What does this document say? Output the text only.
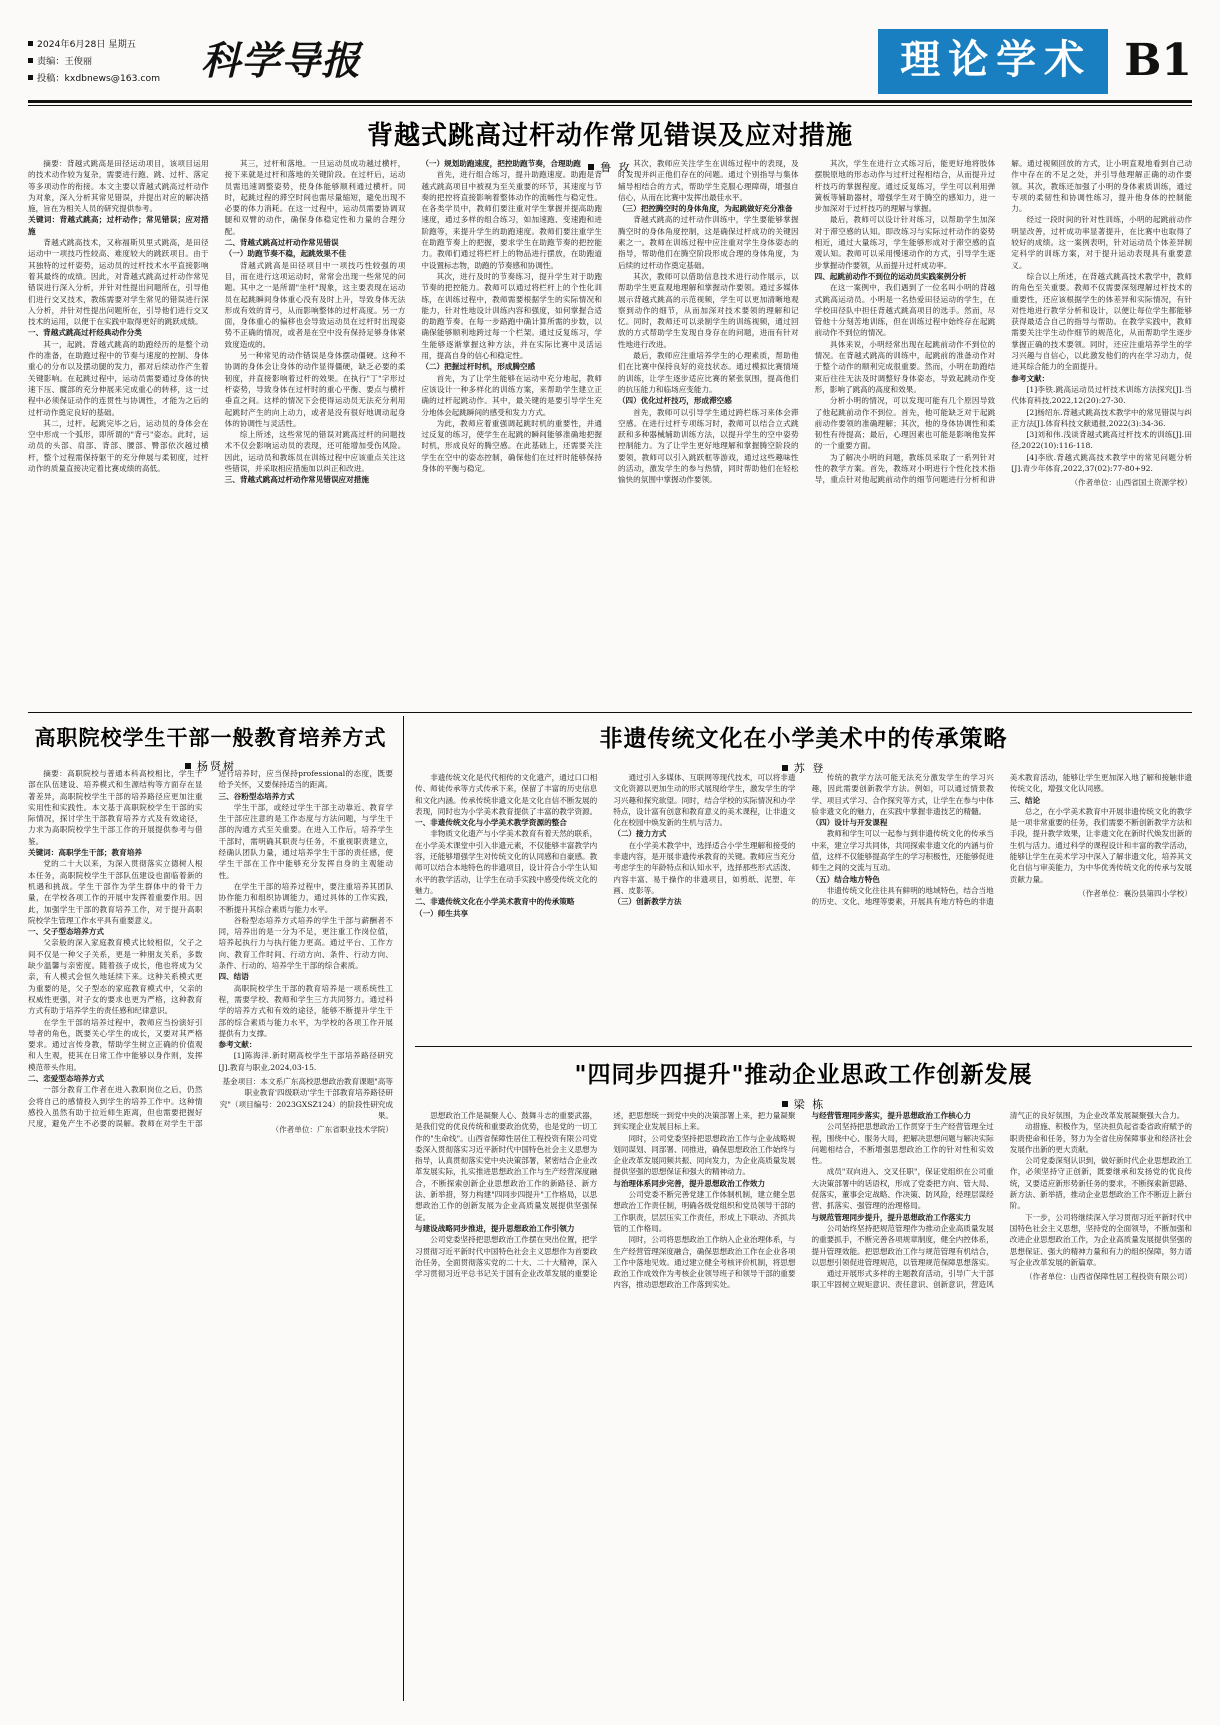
2024年6月28日 星期五
责编：王俊丽
投稿：kxdbnews@163.com	科学导报	理论学术 B1
背越式跳高过杆动作常见错误及应对措施
鲁 玫

摘要：背越式跳高是田径运动项目，该项目运用的技术动作较为复杂，需要进行跑、跳、过杆、落定等多项动作的衔接。本文主要以背越式跳高过杆动作为对象，深入分析其常见错误，并提出对应的解决措施，旨在为相关人员的研究提供参考。

关键词：背越式跳高；过杆动作；常见错误；应对措施

背越式跳高技术，又称福斯贝里式跳高，是田径运动中一项技巧性较高、难度较大的跳跃项目。由于其独特的过杆姿势，运动员的过杆技术水平直接影响着其最终的成绩。因此，对背越式跳高过杆动作常见错误进行深入分析，并针对性提出问题所在，引导他们进行交叉技术，教练需要对学生常见的错误进行深入分析，并针对性提出问题所在，引导他们进行交叉技术的运用，以便于在实践中取得更好的跳跃成绩。

一、背越式跳高过杆经典动作分类

其一，起跳。背越式跳高的助跑经历的是整个动作的准备，在助跑过程中的节奏与速度的控制、身体重心的分布以及摆动腿的发力，都对后续动作产生着关键影响。在起跳过程中，运动员需要通过身体的快速下压、髋部的充分伸展来完成重心的转移，这一过程中必须保证动作的连贯性与协调性，才能为之后的过杆动作奠定良好的基础。

其二，过杆。起跳完毕之后，运动员的身体会在空中形成一个弧形，即所谓的"背弓"姿态。此时，运动员的头部、肩部、背部、腰部、臀部依次越过横杆，整个过程需保持躯干的充分伸展与柔韧度，过杆动作的质量直接决定着比赛成绩的高低。

其三，过杆和落地。一旦运动员成功越过横杆，接下来就是过杆和落地的关键阶段。在过杆后，运动员需迅速调整姿势，使身体能够顺利通过横杆。同时，起跳过程的滞空时间也需尽量缩短，避免出现不必要的体力消耗。在这一过程中，运动员需要协调双腿和双臂的动作，确保身体稳定性和力量的合理分配。

二、背越式跳高过杆动作常见错误

（一）助跑节奏不稳，起跳效果不佳

背越式跳高是田径项目中一项技巧性较强的项目，而在进行这项运动时，常常会出现一些常见的问题。其中之一是所谓"坐杆"现象，这主要表现在运动员在起跳瞬间身体重心没有及时上升，导致身体无法形成有效的背弓，从而影响整体的过杆高度。另一方面，身体重心的偏移也会导致运动员在过杆时出现姿势不正确的情况，或者是在空中没有保持足够身体紧致度造成的。

另一种常见的动作错误是身体摆动僵硬。这种不协调的身体会让身体的动作显得僵硬，缺乏必要的柔韧度，并直接影响着过杆的效果。在执行"丁"字形过杆姿势，导致身体在过杆时的重心平衡、要点与横杆垂直之间。这样的情况下会使得运动员无法充分利用起跳时产生的向上动力，或者是没有很好地调动起身体的协调性与灵活性。

综上所述，这些常见的错误对跳高过杆的问题技术不仅会影响运动员的表现，还可能增加受伤风险。因此，运动员和教练员在训练过程中应该重点关注这些错误，并采取相应措施加以纠正和改进。

三、背越式跳高过杆动作常见错误应对措施

（一）规划助跑速度，把控助跑节奏，合理助跑

首先，进行组合练习，提升助跑速度。助跑是背越式跳高项目中被视为至关重要的环节，其速度与节奏的把控将直接影响着整体动作的流畅性与稳定性。在各类学员中，教师们要注重对学生掌握并提高助跑速度，通过多样的组合练习，如加速跑、变速跑和进阶跑等，来提升学生的助跑速度。教师们要注重学生在助跑节奏上的把握，要求学生在助跑节奏的把控能力。教师们通过将栏杆上的物品进行摆放，在助跑道中设置标志物，助跑的节奏感和协调性。

其次，进行及时的节奏练习，提升学生对于助跑节奏的把控能力。教师可以通过将栏杆上的个性化训练，在训练过程中，教师需要根据学生的实际情况和能力，针对性地设计训练内容和强度，如何掌握合适的助跑节奏。在每一步路跑中确计算所需的步数，以确保能够顺利地跨过每一个栏架。通过反复练习，学生能够逐渐掌握这种方法，并在实际比赛中灵活运用，提高自身的信心和稳定性。

（二）把握过杆时机，形成腾空感

首先，为了让学生能够在运动中充分地起，教师应该设计一种多样化的训练方案，来帮助学生建立正确的过杆起跳动作。其中，最关键的是要引导学生充分地体会起跳瞬间的感受和发力方式。

为此，教师应着重强调起跳时机的重要性，并通过反复的练习，使学生在起跳的瞬间能够准确地把握时机，形成良好的腾空感。在此基础上，还需要关注学生在空中的姿态控制，确保他们在过杆时能够保持身体的平衡与稳定。

其次，教师应关注学生在训练过程中的表现，及时发现并纠正他们存在的问题。通过个别指导与集体辅导相结合的方式，帮助学生克服心理障碍，增强自信心，从而在比赛中发挥出最佳水平。

（三）把控腾空时的身体角度，为起跳做好充分准备

背越式跳高的过杆动作训练中，学生要能够掌握腾空时的身体角度控制，这是确保过杆成功的关键因素之一。教师在训练过程中应注重对学生身体姿态的指导，帮助他们在腾空阶段形成合理的身体角度，为后续的过杆动作奠定基础。

其次，教师可以借助信息技术进行动作展示，以帮助学生更直观地理解和掌握动作要领。通过多媒体展示背越式跳高的示范视频，学生可以更加清晰地观察到动作的细节，从而加深对技术要领的理解和记忆。同时，教师还可以录制学生的训练视频，通过回放的方式帮助学生发现自身存在的问题，进而有针对性地进行改进。

最后，教师应注重培养学生的心理素质，帮助他们在比赛中保持良好的竞技状态。通过模拟比赛情境的训练，让学生逐步适应比赛的紧张氛围，提高他们的抗压能力和临场应变能力。

（四）优化过杆技巧，形成滞空感

首先，教师可以引导学生通过跨栏练习来体会滞空感。在进行过杆专项练习时，教师可以结合立式跳跃和多种器械辅助训练方法，以提升学生的空中姿势控制能力。为了让学生更好地理解和掌握腾空阶段的要领，教师可以引入跳跃框等游戏，通过这些趣味性的活动，激发学生的参与热情，同时帮助他们在轻松愉快的氛围中掌握动作要领。

其次，学生在进行立式练习后，能更好地将肢体摆脱原地的形态动作与过杆过程相结合，从而提升过杆技巧的掌握程度。通过反复练习，学生可以利用弹簧板等辅助器材，增强学生对于腾空的感知力，进一步加深对于过杆技巧的理解与掌握。

最后，教师可以设计针对练习，以帮助学生加深对于滞空感的认知。即改练习与实际过杆动作的姿势相近，通过大量练习，学生能够形成对于滞空感的直观认知。教师可以采用慢速动作的方式，引导学生逐步掌握动作要领，从而提升过杆成功率。

四、起跳前动作不到位的运动员实践案例分析

在这一案例中，我们遇到了一位名叫小明的背越式跳高运动员。小明是一名热爱田径运动的学生，在学校田径队中担任背越式跳高项目的选手。然而，尽管他十分刻苦地训练，但在训练过程中始终存在起跳前动作不到位的情况。

具体来说，小明经常出现在起跳前动作不到位的情况。在背越式跳高的训练中，起跳前的准备动作对于整个动作的顺利完成很重要。然而，小明在助跑结束后往往无法及时调整好身体姿态，导致起跳动作变形，影响了跳高的高度和效果。

分析小明的情况，可以发现可能有几个原因导致了他起跳前动作不到位。首先，他可能缺乏对于起跳前动作要领的准确理解；其次，他的身体协调性和柔韧性有待提高；最后，心理因素也可能是影响他发挥的一个重要方面。

为了解决小明的问题，教练员采取了一系列针对性的教学方案。首先，教练对小明进行个性化技术指导，重点针对他起跳前动作的细节问题进行分析和讲解。通过视频回放的方式，让小明直观地看到自己动作中存在的不足之处，并引导他理解正确的动作要领。其次，教练还加强了小明的身体素质训练，通过专项的柔韧性和协调性练习，提升他身体的控制能力。

经过一段时间的针对性训练，小明的起跳前动作明显改善，过杆成功率显著提升，在比赛中也取得了较好的成绩。这一案例表明，针对运动员个体差异制定科学的训练方案，对于提升运动表现具有重要意义。

综合以上所述，在背越式跳高技术教学中，教师的角色至关重要。教师不仅需要深刻理解过杆技术的重要性，还应该根据学生的体差异和实际情况，有针对性地进行教学分析和设计，以便让每位学生都能够获得最适合自己的指导与帮助。在教学实践中，教师需要关注学生动作细节的规范化，从而帮助学生逐步掌握正确的技术要领。同时，还应注重培养学生的学习兴趣与自信心，以此激发他们的内在学习动力，促进其综合能力的全面提升。

参考文献：

[1]李铁.跳高运动员过杆技术训练方法探究[J].当代体育科技,2022,12(20):27-30.

[2]杨绍东.背越式跳高技术教学中的常见错误与纠正方法[J].体育科技文献通报,2022(3):34-36.

[3]刘和伟.浅谈背越式跳高过杆技术的训练[J].田径,2022(10):116-118.

[4]李欣.背越式跳高技术教学中的常见问题分析[J].青少年体育,2022,37(02):77-80+92.

（作者单位：山西省国土资源学校）

高职院校学生干部一般教育培养方式
杨贤树

摘要：高职院校与普通本科高校相比，学生干部在队伍建设、培养模式和生源结构等方面存在显著差异，高职院校学生干部的培养路径应更加注重实用性和实践性。本文基于高职院校学生干部的实际情况，探讨学生干部教育培养方式及有效途径，力求为高职院校学生干部工作的开展提供参考与借鉴。

关键词：高职学生干部；教育培养

党的二十大以来，为深入贯彻落实立德树人根本任务，高职院校学生干部队伍建设也面临着新的机遇和挑战。学生干部作为学生群体中的骨干力量，在学校各项工作的开展中发挥着重要作用。因此，加强学生干部的教育培养工作，对于提升高职院校学生管理工作水平具有重要意义。

一、父子型态培养方式

父亲般的深入家庭教育模式比较相似，父子之间不仅是一种父子关系，更是一种朋友关系，多数缺少温馨与亲密度。随着孩子成长，他也将成为父亲，有人模式会恒久地延续下来。这种关系模式更为重要的是，父子型态的家庭教育模式中，父亲的权威性更强，对子女的要求也更为严格，这种教育方式有助于培养学生的责任感和纪律意识。

在学生干部的培养过程中，教师应当扮演好引导者的角色，既要关心学生的成长，又要对其严格要求。通过言传身教，帮助学生树立正确的价值观和人生观，使其在日常工作中能够以身作则，发挥模范带头作用。

二、恋爱型态培养方式

一部分教育工作者在进入教职岗位之后，仍然会将自己的感情投入到学生的培养工作中。这种情感投入虽然有助于拉近师生距离，但也需要把握好尺度，避免产生不必要的误解。教师在对学生干部进行培养时，应当保持professional的态度，既要给予关怀，又要保持适当的距离。

三、谷粉型态培养方式

学生干部，或经过学生干部主动靠近、教育学生干部应注意的是工作态度与方法问题，与学生干部的沟通方式至关重要。在进入工作后，培养学生干部时，需明确其职责与任务，不重视职责建立，经确认团队力量，通过培养学生干部的责任感，使学生干部在工作中能够充分发挥自身的主观能动性。

在学生干部的培养过程中，要注重培养其团队协作能力和组织协调能力，通过具体的工作实践，不断提升其综合素质与能力水平。

谷粉型态培养方式培养的学生干部与薪酬者不同，培养出的是一分为不足，更注重工作岗位值，培养起执行力与执行能力更高。通过平台、工作方向、教育工作时间、行动方向、条件、行动方向、条件、行动的、培养学生干部的综合素质。

四、结语

高职院校学生干部的教育培养是一项系统性工程，需要学校、教师和学生三方共同努力。通过科学的培养方式和有效的途径，能够不断提升学生干部的综合素质与能力水平，为学校的各项工作开展提供有力支撑。

参考文献：

[1]陈海洋.新时期高校学生干部培养路径研究[J].教育与职业,2024,03-15.

基金项目：本文系广东高校思想政治教育课题"高等职业教育'四级联动'学生干部教育培养路径研究"（项目编号：2023GXSZ124）的阶段性研究成果。

（作者单位：广东省职业技术学院）

非遗传统文化在小学美术中的传承策略
苏 登

非遗传统文化是代代相传的文化遗产，通过口口相传、师徒传承等方式传承下来，保留了丰富的历史信息和文化内涵。传承传统非遗文化是文化自信不断发展的表现，同时也为小学美术教育提供了丰富的教学资源。

一、非遗传统文化与小学美术教学资源的整合

非物质文化遗产与小学美术教育有着天然的联系，在小学美术课堂中引入非遗元素，不仅能够丰富教学内容，还能够增强学生对传统文化的认同感和自豪感。教师可以结合本地特色的非遗项目，设计符合小学生认知水平的教学活动，让学生在动手实践中感受传统文化的魅力。

二、非遗传统文化在小学美术教育中的传承策略

（一）师生共享

通过引入多媒体、互联网等现代技术，可以将非遗文化资源以更加生动的形式展现给学生，激发学生的学习兴趣和探究欲望。同时，结合学校的实际情况和办学特点，设计富有创意和教育意义的美术课程，让非遗文化在校园中焕发新的生机与活力。

（二）接力方式

在小学美术教学中，选择适合小学生理解和接受的非遗内容，是开展非遗传承教育的关键。教师应当充分考虑学生的年龄特点和认知水平，选择那些形式活泼、内容丰富、易于操作的非遗项目，如剪纸、泥塑、年画、皮影等。

（三）创新教学方法

传统的教学方法可能无法充分激发学生的学习兴趣，因此需要创新教学方法。例如，可以通过情景教学、项目式学习、合作探究等方式，让学生在参与中体验非遗文化的魅力，在实践中掌握非遗技艺的精髓。

（四）设计与开发课程

教师和学生可以一起参与到非遗传统文化的传承当中来，建立学习共同体，共同探索非遗文化的内涵与价值，这样不仅能够提高学生的学习积极性，还能够促进师生之间的交流与互动。

（五）结合地方特色

非遗传统文化往往具有鲜明的地域特色，结合当地的历史、文化、地理等要素，开展具有地方特色的非遗美术教育活动，能够让学生更加深入地了解和接触非遗传统文化，增强文化认同感。

三、结论

总之，在小学美术教育中开展非遗传统文化的教学是一项非常重要的任务，我们需要不断创新教学方法和手段，提升教学效果，让非遗文化在新时代焕发出新的生机与活力。通过科学的课程设计和丰富的教学活动，能够让学生在美术学习中深入了解非遗文化，培养其文化自信与审美能力，为中华优秀传统文化的传承与发展贡献力量。

（作者单位：襄汾县第四小学校）

"四同步四提升"推动企业思政工作创新发展
梁 栋

思想政治工作是凝聚人心、鼓舞斗志的重要武器，是我们党的优良传统和重要政治优势，也是党的一切工作的"生命线"。山西省保障性居住工程投资有限公司党委深入贯彻落实习近平新时代中国特色社会主义思想为指导，认真贯彻落实党中央决策部署，紧密结合企业改革发展实际，扎实推进思想政治工作与生产经营深度融合，不断探索创新企业思想政治工作的新路径、新方法、新举措，努力构建"四同步四提升"工作格局，以思想政治工作的创新发展为企业高质量发展提供坚强保证。

与建设战略同步推进，提升思想政治工作引领力

公司党委坚持把思想政治工作摆在突出位置，把学习贯彻习近平新时代中国特色社会主义思想作为首要政治任务，全面贯彻落实党的二十大、二十大精神，深入学习贯彻习近平总书记关于国有企业改革发展的重要论述，把思想统一到党中央的决策部署上来，把力量凝聚到实现企业发展目标上来。

同时，公司党委坚持把思想政治工作与企业战略规划同谋划、同部署、同推进，确保思想政治工作始终与企业改革发展同频共振、同向发力，为企业高质量发展提供坚强的思想保证和强大的精神动力。

与治理体系同步完善，提升思想政治工作效力

公司党委不断完善党建工作体制机制，建立健全思想政治工作责任制，明确各级党组织和党员领导干部的工作职责，层层压实工作责任，形成上下联动、齐抓共管的工作格局。

同时，公司将思想政治工作纳入企业治理体系，与生产经营管理深度融合，确保思想政治工作在企业各项工作中落地见效。通过建立健全考核评价机制，将思想政治工作成效作为考核企业领导班子和领导干部的重要内容，推动思想政治工作落到实处。

与经营管理同步落实，提升思想政治工作核心力

公司坚持把思想政治工作贯穿于生产经营管理全过程，围绕中心、服务大局，把解决思想问题与解决实际问题相结合，不断增强思想政治工作的针对性和实效性。

成员"双向进入、交叉任职"，保证党组织在公司重大决策部署中的话语权，形成了党委把方向、管大局、促落实，董事会定战略、作决策、防风险，经理层谋经营、抓落实、强管理的治理格局。

与规范管理同步提升，提升思想政治工作落实力

公司始终坚持把规范管理作为推动企业高质量发展的重要抓手，不断完善各项规章制度，健全内控体系，提升管理效能。把思想政治工作与规范管理有机结合，以思想引领促进管理规范，以管理规范保障思想落实。

通过开展形式多样的主题教育活动，引导广大干部职工牢固树立规矩意识、责任意识、创新意识，营造风清气正的良好氛围，为企业改革发展凝聚强大合力。

动措施、积极作为，坚决担负起省委省政府赋予的职责使命和任务，努力为全省住房保障事业和经济社会发展作出新的更大贡献。

公司党委深刻认识到，做好新时代企业思想政治工作，必须坚持守正创新，既要继承和发扬党的优良传统，又要适应新形势新任务的要求，不断探索新思路、新方法、新举措，推动企业思想政治工作不断迈上新台阶。

下一步，公司将继续深入学习贯彻习近平新时代中国特色社会主义思想，坚持党的全面领导，不断加强和改进企业思想政治工作，为企业高质量发展提供坚强的思想保证、强大的精神力量和有力的组织保障，努力谱写企业改革发展的新篇章。

（作者单位：山西省保障性居工程投资有限公司）
